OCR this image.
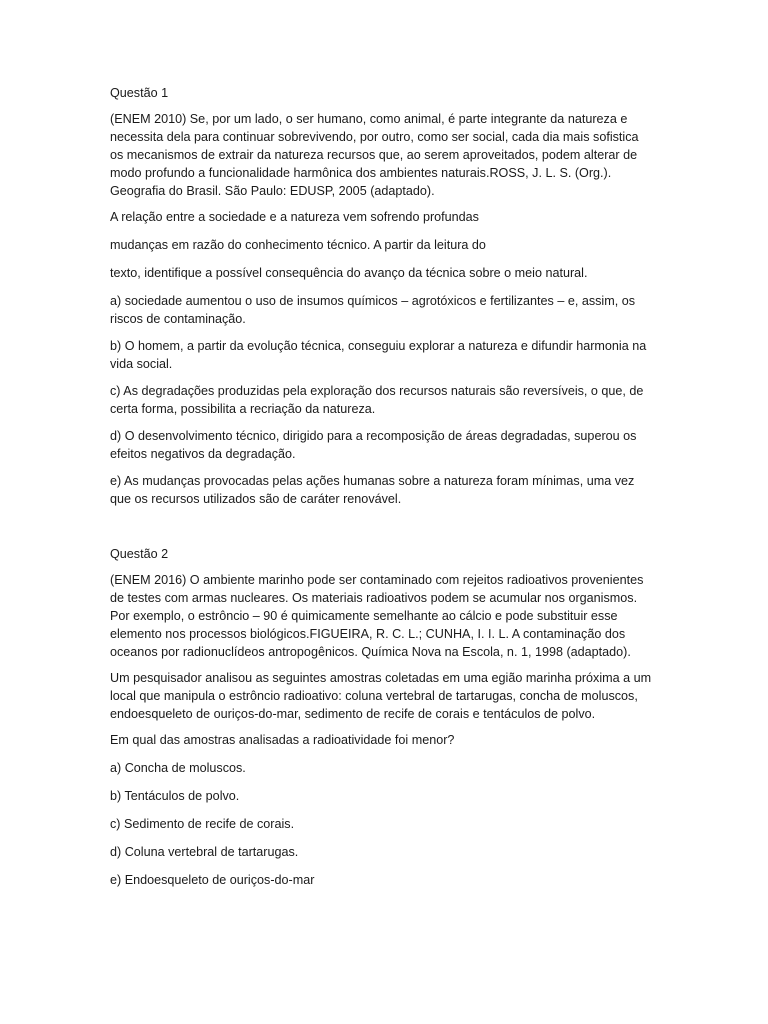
Questão 1
(ENEM 2010) Se, por um lado, o ser humano, como animal, é parte integrante da natureza e necessita dela para continuar sobrevivendo, por outro, como ser social, cada dia mais sofistica os mecanismos de extrair da natureza recursos que, ao serem aproveitados, podem alterar de modo profundo a funcionalidade harmônica dos ambientes naturais.ROSS, J. L. S. (Org.). Geografia do Brasil. São Paulo: EDUSP, 2005 (adaptado).
A relação entre a sociedade e a natureza vem sofrendo profundas
mudanças em razão do conhecimento técnico. A partir da leitura do
texto, identifique a possível consequência do avanço da técnica sobre o meio natural.
a) sociedade aumentou o uso de insumos químicos – agrotóxicos e fertilizantes – e, assim, os riscos de contaminação.
b) O homem, a partir da evolução técnica, conseguiu explorar a natureza e difundir harmonia na vida social.
c) As degradações produzidas pela exploração dos recursos naturais são reversíveis, o que, de certa forma, possibilita a recriação da natureza.
d) O desenvolvimento técnico, dirigido para a recomposição de áreas degradadas, superou os efeitos negativos da degradação.
e) As mudanças provocadas pelas ações humanas sobre a natureza foram mínimas, uma vez que os recursos utilizados são de caráter renovável.
Questão 2
(ENEM 2016) O ambiente marinho pode ser contaminado com rejeitos radioativos provenientes de testes com armas nucleares. Os materiais radioativos podem se acumular nos organismos. Por exemplo, o estrôncio – 90 é quimicamente semelhante ao cálcio e pode substituir esse elemento nos processos biológicos.FIGUEIRA, R. C. L.; CUNHA, I. I. L. A contaminação dos oceanos por radionuclídeos antropogênicos. Química Nova na Escola, n. 1, 1998 (adaptado).
Um pesquisador analisou as seguintes amostras coletadas em uma egião marinha próxima a um local que manipula o estrôncio radioativo: coluna vertebral de tartarugas, concha de moluscos, endoesqueleto de ouriços-do-mar, sedimento de recife de corais e tentáculos de polvo.
Em qual das amostras analisadas a radioatividade foi menor?
a) Concha de moluscos.
b) Tentáculos de polvo.
c) Sedimento de recife de corais.
d) Coluna vertebral de tartarugas.
e) Endoesqueleto de ouriços-do-mar
